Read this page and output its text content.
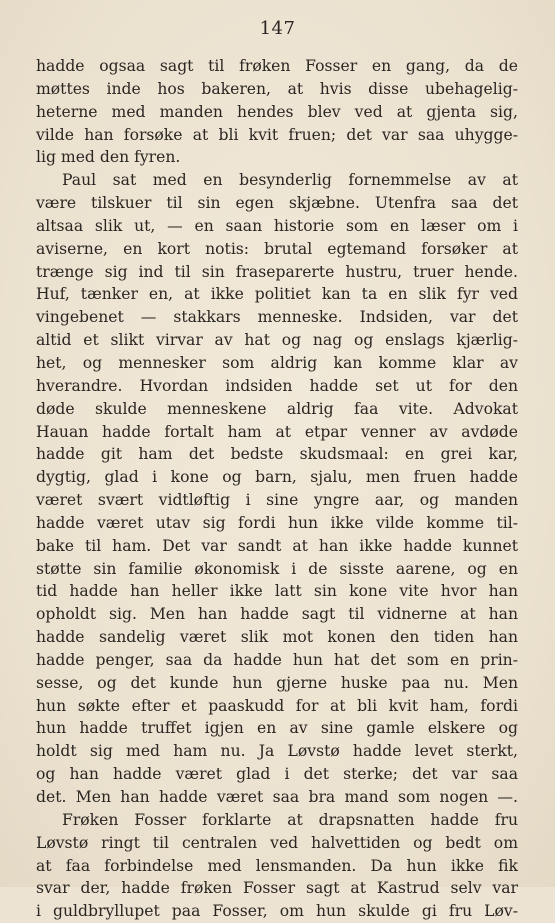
147
hadde ogsaa sagt til frøken Fosser en gang, da de
møttes inde hos bakeren, at hvis disse ubehagelig-
heterne med manden hendes blev ved at gjenta sig,
vilde han forsøke at bli kvit fruen; det var saa uhygge-
lig med den fyren.
Paul sat med en besynderlig fornemmelse av at
være tilskuer til sin egen skjæbne. Utenfra saa det
altsaa slik ut, — en saan historie som en læser om i
aviserne, en kort notis: brutal egtemand forsøker at
trænge sig ind til sin fraseparerte hustru, truer hende.
Huf, tænker en, at ikke politiet kan ta en slik fyr ved
vingebenet — stakkars menneske. Indsiden, var det
altid et slikt virvar av hat og nag og enslags kjærlig-
het, og mennesker som aldrig kan komme klar av
hverandre. Hvordan indsiden hadde set ut for den
døde skulde menneskene aldrig faa vite. Advokat
Hauan hadde fortalt ham at etpar venner av avdøde
hadde git ham det bedste skudsmaal: en grei kar,
dygtig, glad i kone og barn, sjalu, men fruen hadde
været svært vidtløftig i sine yngre aar, og manden
hadde været utav sig fordi hun ikke vilde komme til-
bake til ham. Det var sandt at han ikke hadde kunnet
støtte sin familie økonomisk i de sisste aarene, og en
tid hadde han heller ikke latt sin kone vite hvor han
opholdt sig. Men han hadde sagt til vidnerne at han
hadde sandelig været slik mot konen den tiden han
hadde penger, saa da hadde hun hat det som en prin-
sesse, og det kunde hun gjerne huske paa nu. Men
hun søkte efter et paaskudd for at bli kvit ham, fordi
hun hadde truffet igjen en av sine gamle elskere og
holdt sig med ham nu. Ja Løvstø hadde levet sterkt,
og han hadde været glad i det sterke; det var saa
det. Men han hadde været saa bra mand som nogen —.
Frøken Fosser forklarte at drapsnatten hadde fru
Løvstø ringt til centralen ved halvettiden og bedt om
at faa forbindelse med lensmanden. Da hun ikke fik
svar der, hadde frøken Fosser sagt at Kastrud selv var
i guldbryllupet paa Fosser, om hun skulde gi fru Løv-
